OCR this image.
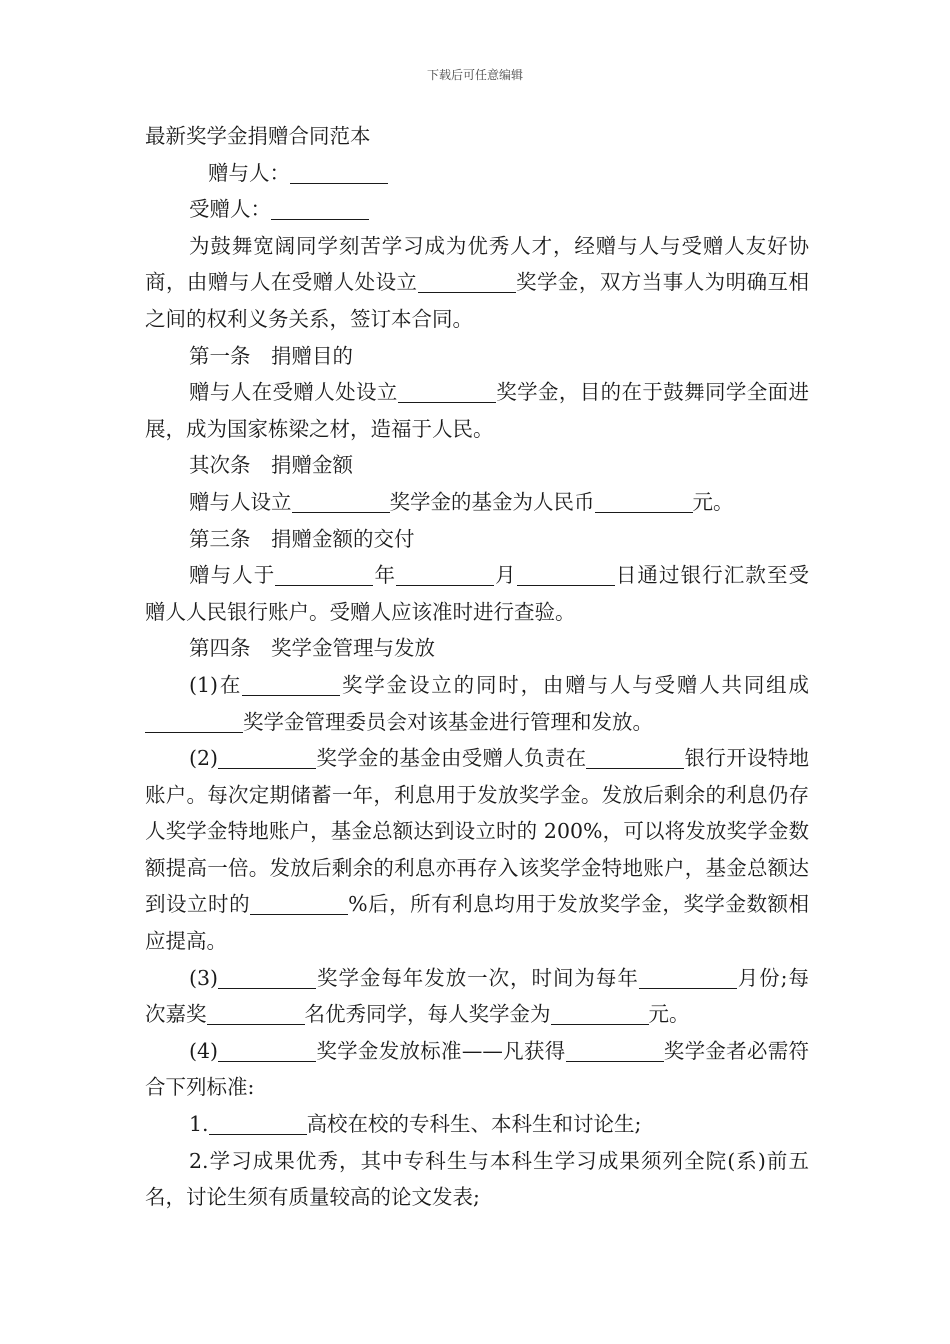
下载后可任意编辑

最新奖学金捐赠合同范本

赠与人：

受赠人：

为鼓舞宽阔同学刻苦学习成为优秀人才，经赠与人与受赠人友好协商，由赠与人在受赠人处设立	奖学金，双方当事人为明确互相之间的权利义务关系，签订本合同。

第一条　捐赠目的

赠与人在受赠人处设立	奖学金，目的在于鼓舞同学全面进展，成为国家栋梁之材，造福于人民。

其次条　捐赠金额

赠与人设立	奖学金的基金为人民币	元。

第三条　捐赠金额的交付

赠与人于	年	月	日通过银行汇款至受赠人人民银行账户。受赠人应该准时进行查验。

第四条　奖学金管理与发放

(1)在	奖学金设立的同时，由赠与人与受赠人共同组成奖学金管理委员会对该基金进行管理和发放。

(2)	奖学金的基金由受赠人负责在	银行开设特地账户。每次定期储蓄一年，利息用于发放奖学金。发放后剩余的利息仍存人奖学金特地账户，基金总额达到设立时的 200%，可以将发放奖学金数额提高一倍。发放后剩余的利息亦再存入该奖学金特地账户，基金总额达到设立时的	%后，所有利息均用于发放奖学金，奖学金数额相应提高。

(3)	奖学金每年发放一次，时间为每年	月份;每次嘉奖	名优秀同学，每人奖学金为	元。

(4)	奖学金发放标准——凡获得	奖学金者必需符合下列标准:

1.	高校在校的专科生、本科生和讨论生;

2.学习成果优秀，其中专科生与本科生学习成果须列全院(系)前五名，讨论生须有质量较高的论文发表;
